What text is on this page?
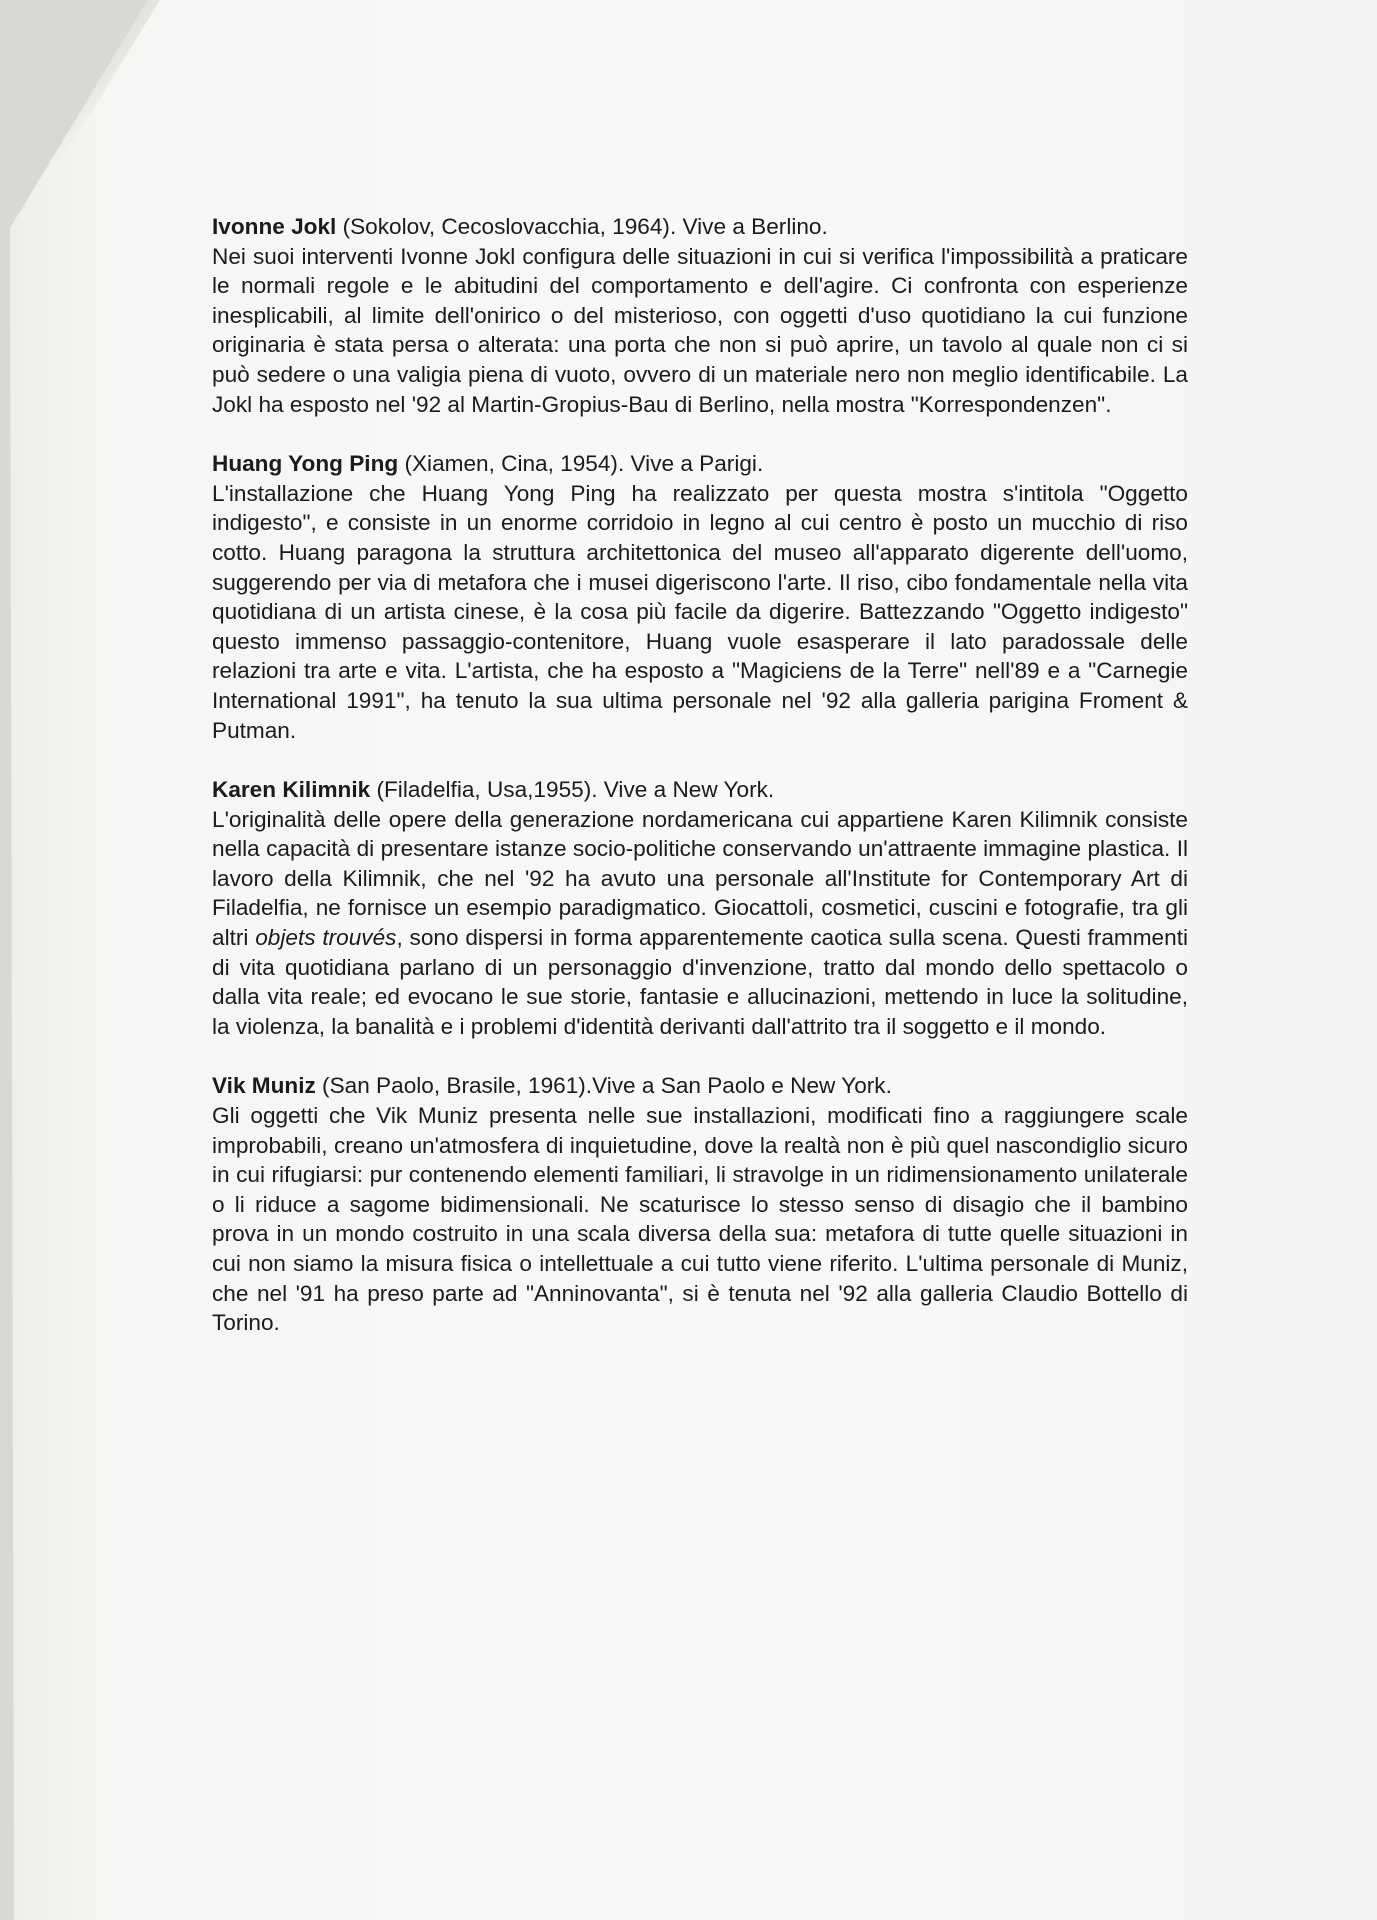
Ivonne Jokl (Sokolov, Cecoslovacchia, 1964). Vive a Berlino.
Nei suoi interventi Ivonne Jokl configura delle situazioni in cui si verifica l'impossibilità a praticare le normali regole e le abitudini del comportamento e dell'agire. Ci confronta con esperienze inesplicabili, al limite dell'onirico o del misterioso, con oggetti d'uso quotidiano la cui funzione originaria è stata persa o alterata: una porta che non si può aprire, un tavolo al quale non ci si può sedere o una valigia piena di vuoto, ovvero di un materiale nero non meglio identificabile. La Jokl ha esposto nel '92 al Martin-Gropius-Bau di Berlino, nella mostra "Korrespondenzen".

Huang Yong Ping (Xiamen, Cina, 1954). Vive a Parigi.
L'installazione che Huang Yong Ping ha realizzato per questa mostra s'intitola "Oggetto indigesto", e consiste in un enorme corridoio in legno al cui centro è posto un mucchio di riso cotto. Huang paragona la struttura architettonica del museo all'apparato digerente dell'uomo, suggerendo per via di metafora che i musei digeriscono l'arte. Il riso, cibo fondamentale nella vita quotidiana di un artista cinese, è la cosa più facile da digerire. Battezzando "Oggetto indigesto" questo immenso passaggio-contenitore, Huang vuole esasperare il lato paradossale delle relazioni tra arte e vita. L'artista, che ha esposto a "Magiciens de la Terre" nell'89 e a "Carnegie International 1991", ha tenuto la sua ultima personale nel '92 alla galleria parigina Froment & Putman.

Karen Kilimnik (Filadelfia, Usa,1955). Vive a New York.
L'originalità delle opere della generazione nordamericana cui appartiene Karen Kilimnik consiste nella capacità di presentare istanze socio-politiche conservando un'attraente immagine plastica. Il lavoro della Kilimnik, che nel '92 ha avuto una personale all'Institute for Contemporary Art di Filadelfia, ne fornisce un esempio paradigmatico. Giocattoli, cosmetici, cuscini e fotografie, tra gli altri objets trouvés, sono dispersi in forma apparentemente caotica sulla scena. Questi frammenti di vita quotidiana parlano di un personaggio d'invenzione, tratto dal mondo dello spettacolo o dalla vita reale; ed evocano le sue storie, fantasie e allucinazioni, mettendo in luce la solitudine, la violenza, la banalità e i problemi d'identità derivanti dall'attrito tra il soggetto e il mondo.

Vik Muniz (San Paolo, Brasile, 1961).Vive a San Paolo e New York.
Gli oggetti che Vik Muniz presenta nelle sue installazioni, modificati fino a raggiungere scale improbabili, creano un'atmosfera di inquietudine, dove la realtà non è più quel nascondiglio sicuro in cui rifugiarsi: pur contenendo elementi familiari, li stravolge in un ridimensionamento unilaterale o li riduce a sagome bidimensionali. Ne scaturisce lo stesso senso di disagio che il bambino prova in un mondo costruito in una scala diversa della sua: metafora di tutte quelle situazioni in cui non siamo la misura fisica o intellettuale a cui tutto viene riferito. L'ultima personale di Muniz, che nel '91 ha preso parte ad "Anninovanta", si è tenuta nel '92 alla galleria Claudio Bottello di Torino.
